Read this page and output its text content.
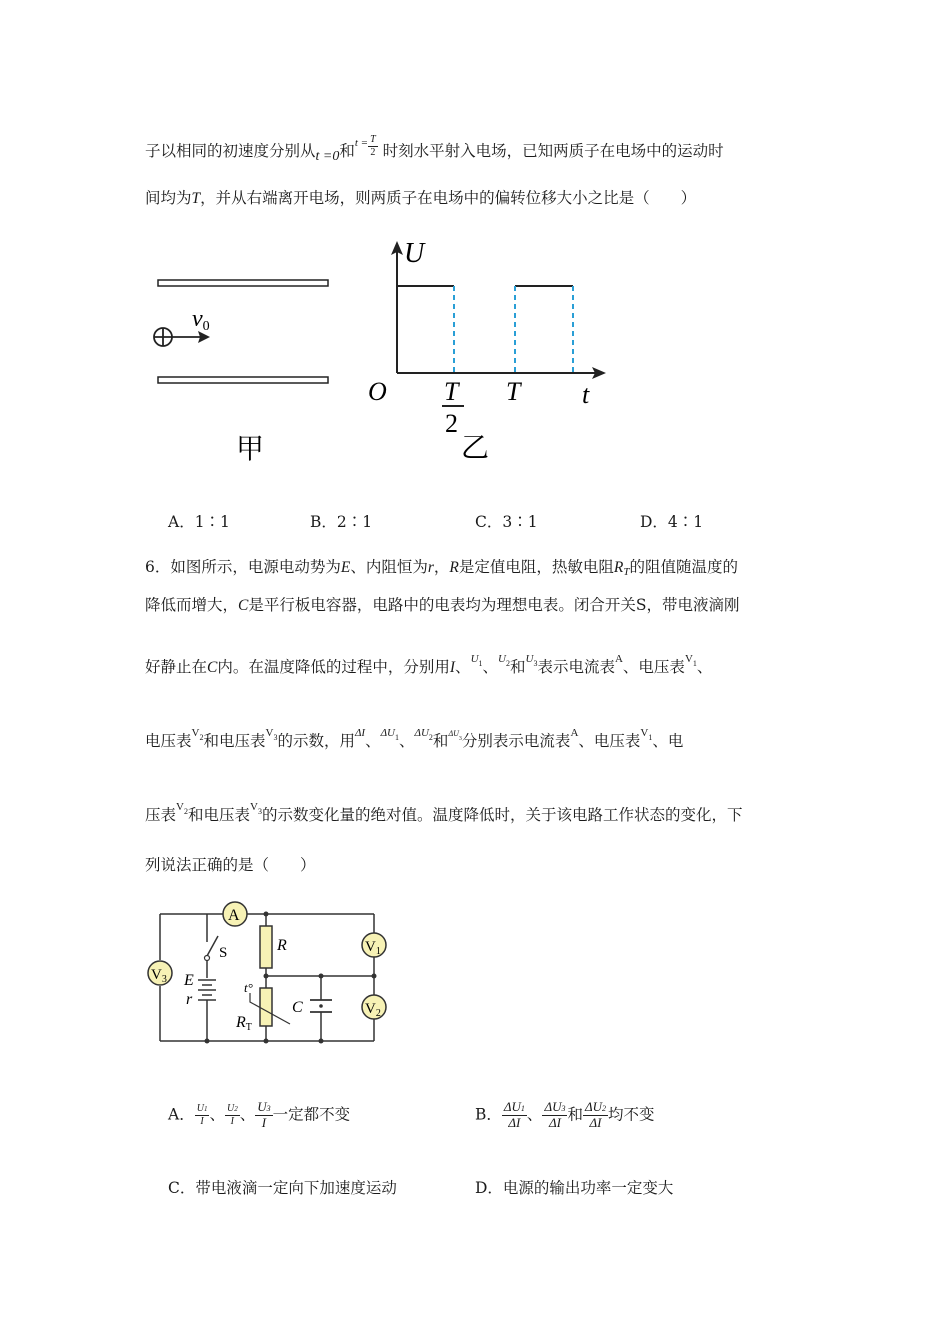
子以相同的初速度分别从t =0和$^{t =} \frac{T}{2}$ 时刻水平射入电场，已知两质子在电场中的运动时
间均为T，并从右端离开电场，则两质子在电场中的偏转位移大小之比是（　　）
v0
甲
U
O T
2
T t
乙
A．1∶1	B．2∶1	C．3∶1	D．4∶1
6．如图所示，电源电动势为E、内阻恒为r，R是定值电阻，热敏电阻RT的阻值随温度的
降低而增大，C是平行板电容器，电路中的电表均为理想电表。闭合开关S，带电液滴刚
好静止在C内。在温度降低的过程中，分别用I、$^{U1}$、$^{U2}$和$^{U3}$表示电流表$^A$、电压表$^{V1}$、
电压表$^{V2}$和电压表$^{V3}$的示数，用$^{\Delta I}$、$^{\Delta U1}$、$^{\Delta U2}$和$^{\Delta U3}$分别表示电流表$^A$、电压表$^{V1}$、电
压表$^{V2}$和电压表$^{V3}$的示数变化量的绝对值。温度降低时，关于该电路工作状态的变化，下
列说法正确的是（　　）
A
$V_1$
$V_2$
$V_3$
S
E
r
R
t°
RT
C
A． $\frac{U1}{I}$ 、 $\frac{U2}{I}$ 、 $\frac{U3}{I}$ 一定都不变	B． $\frac{\Delta U1}{\Delta I}$ 、 $\frac{\Delta U3}{\Delta I}$ 和 $\frac{\Delta U2}{\Delta I}$ 均不变
C．带电液滴一定向下加速度运动	D．电源的输出功率一定变大
